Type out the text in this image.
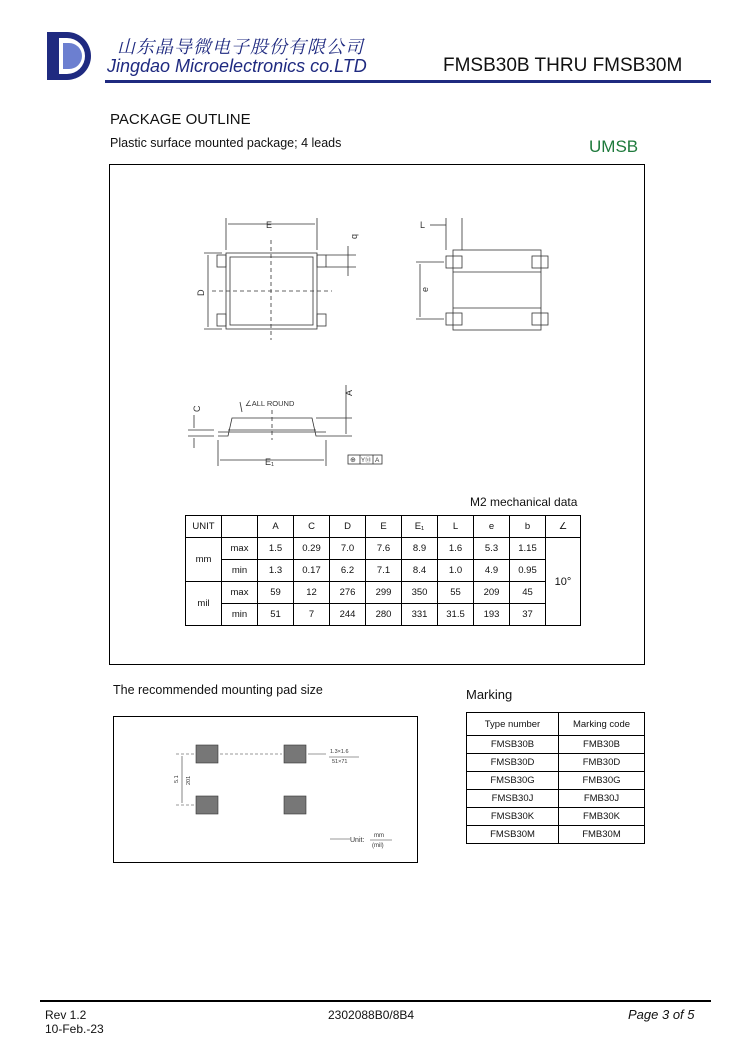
山东晶导微电子股份有限公司
Jingdao Microelectronics co.LTD	FMSB30B THRU FMSB30M
PACKAGE OUTLINE
Plastic surface mounted package; 4 leads	UMSB
E
b
D
L
e
C
A
E₁
∠ALL ROUND
⊕ YⓂ A
M2 mechanical data
UNIT		A	C	D	E	E₁	L	e	b	∠
mm	max	1.5	0.29	7.0	7.6	8.9	1.6	5.3	1.15	10°
	min	1.3	0.17	6.2	7.1	8.4	1.0	4.9	0.95	
mil	max	59	12	276	299	350	55	209	45	
	min	51	7	244	280	331	31.5	193	37	
The recommended mounting pad size
1.3×1.6
51×71
5.1 201
Unit:
mm
(mil)
Marking
Type number	Marking code
FMSB30B	FMB30B
FMSB30D	FMB30D
FMSB30G	FMB30G
FMSB30J	FMB30J
FMSB30K	FMB30K
FMSB30M	FMB30M
Rev 1.2
10-Feb.-23
2302088B0/8B4	Page 3 of 5
